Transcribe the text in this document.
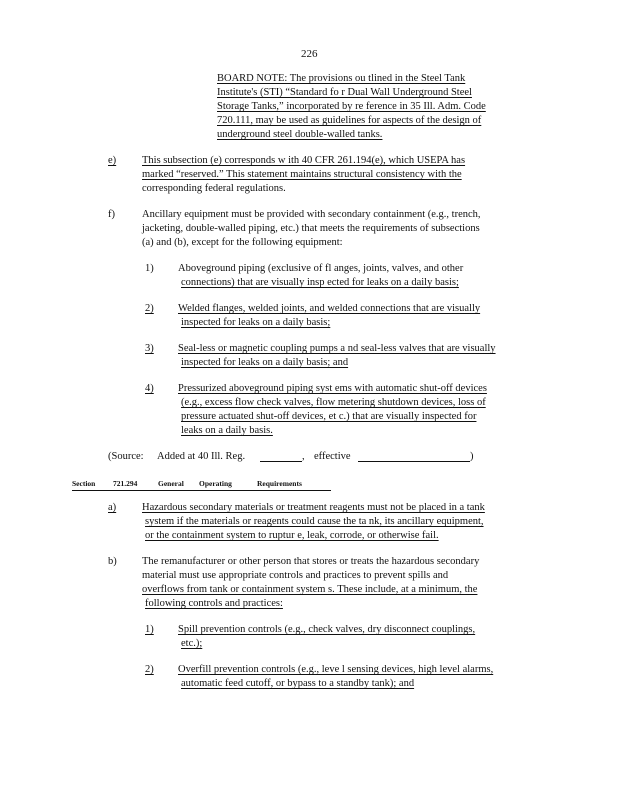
226
BOARD NOTE: The provisions ou tlined in the Steel Tank
Institute's (STI) “Standard fo r Dual Wall Underground Steel
Storage Tanks,” incorporated by re ference in 35 Ill. Adm. Code
720.111, may be used as guidelines for aspects of the design of
underground steel double-walled tanks.
e) This subsection (e) corresponds w ith 40 CFR 261.194(e), which USEPA has
marked “reserved.” This statement maintains structural consistency with the
corresponding federal regulations.
f)	Ancillary equipment must be provided with secondary containment (e.g., trench,
jacketing, double-walled piping, etc.) that meets the requirements of subsections
(a) and (b), except for the following equipment:
1) Aboveground piping (exclusive of fl anges, joints, valves, and other
connections) that are visually insp ected for leaks on a daily basis;
2) Welded flanges, welded joints, and welded connections that are visually
inspected for leaks on a daily basis;
3) Seal-less or magnetic coupling pumps a nd seal-less valves that are visually
inspected for leaks on a daily basis; and
4) Pressurized aboveground piping syst ems with automatic shut-off devices
(e.g., excess flow check valves, flow metering shutdown devices, loss of
pressure actuated shut-off devices, et c.) that are visually inspected for
leaks on a daily basis.
(Source: Added at 40 Ill. Reg.	, effective	)
Section 721.294	General Operating	Requirements
a) Hazardous secondary materials or treatment reagents must not be placed in a tank
system if the materials or reagents could cause the ta nk, its ancillary equipment,
or the containment system to ruptur e, leak, corrode, or otherwise fail.
b) The remanufacturer or other person that stores or treats the hazardous secondary
material must use appropriate controls and practices to prevent spills and
overflows from tank or containment system s. These include, at a minimum, the
following controls and practices:
1) Spill prevention controls (e.g., check valves, dry disconnect couplings,
etc.);
2) Overfill prevention controls (e.g., leve l sensing devices, high level alarms,
automatic feed cutoff, or bypass to a standby tank); and
